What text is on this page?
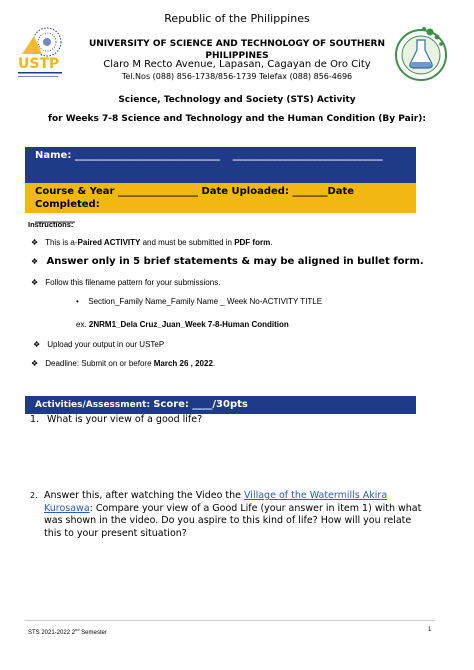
Republic of the Philippines
USTP
UNIVERSITY OF SCIENCE AND TECHNOLOGY OF SOUTHERN
PHILIPPINES
Claro M Recto Avenue, Lapasan, Cagayan de Oro City
Tel.Nos (088) 856-1738/856-1739 Telefax (088) 856-4696
Science, Technology and Society (STS) Activity
for Weeks 7-8 Science and Technology and the Human Condition (By Pair):
Name: _____________________________ ______________________________
Course & Year ________________ Date Uploaded: _______Date Completed:
________
Instructions:
❖ This is a-Paired ACTIVITY and must be submitted in PDF form.
❖ Answer only in 5 brief statements & may be aligned in bullet form.
❖ Follow this filename pattern for your submissions.
• Section_Family Name_Family Name _ Week No-ACTIVITY TITLE
ex. 2NRM1_Dela Cruz_Juan_Week 7-8-Human Condition
❖ Upload your output in our USTeP
❖ Deadline: Submit on or before March 26 , 2022.
Activities/Assessment: Score: ____/30pts
1. What is your view of a good life?
2. Answer this, after watching the Video the Village of the Watermills Akira Kurosawa: Compare your view of a Good Life (your answer in item 1) with what was shown in the video. Do you aspire to this kind of life? How will you relate this to your present situation?
STS 2021-2022 2nd Semester	1
